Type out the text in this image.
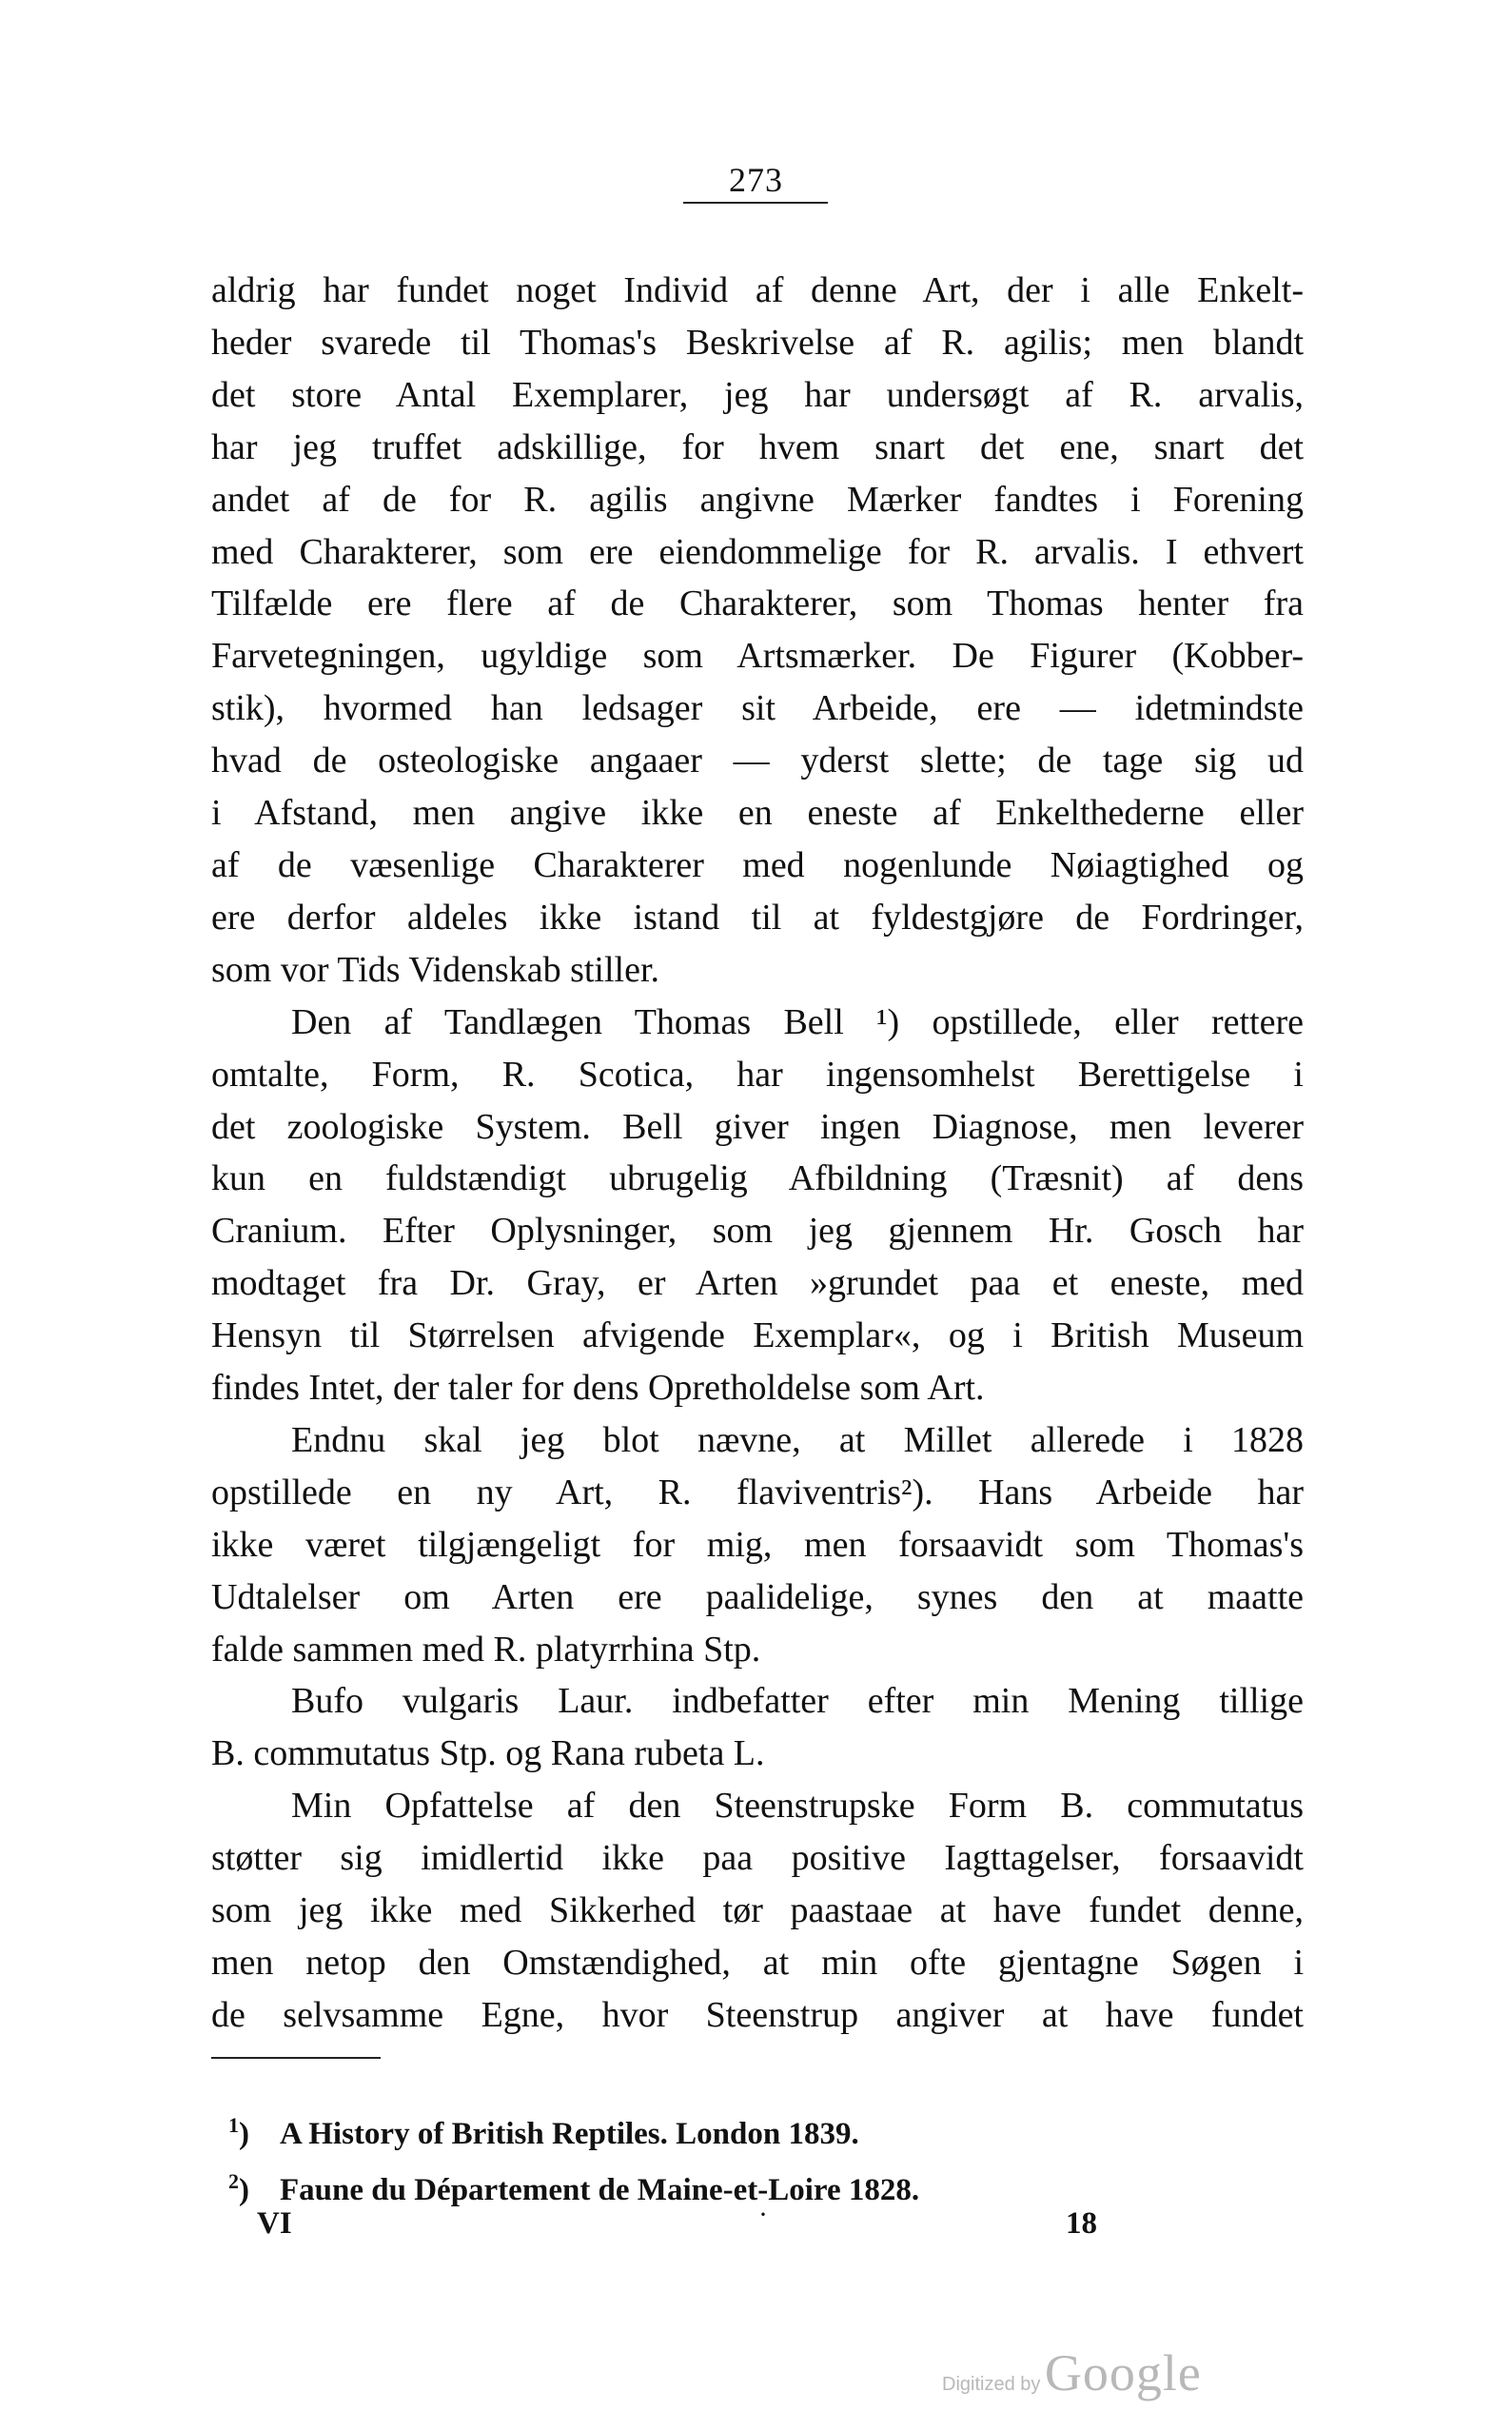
273
aldrig har fundet noget Individ af denne Art, der i alle Enkelt-
heder svarede til Thomas's Beskrivelse af R. agilis; men blandt
det store Antal Exemplarer, jeg har undersøgt af R. arvalis,
har jeg truffet adskillige, for hvem snart det ene, snart det
andet af de for R. agilis angivne Mærker fandtes i Forening
med Charakterer, som ere eiendommelige for R. arvalis. I ethvert
Tilfælde ere flere af de Charakterer, som Thomas henter fra
Farvetegningen, ugyldige som Artsmærker. De Figurer (Kobber-
stik), hvormed han ledsager sit Arbeide, ere — idetmindste
hvad de osteologiske angaaer — yderst slette; de tage sig ud
i Afstand, men angive ikke en eneste af Enkelthederne eller
af de væsenlige Charakterer med nogenlunde Nøiagtighed og
ere derfor aldeles ikke istand til at fyldestgjøre de Fordringer,
som vor Tids Videnskab stiller.
Den af Tandlægen Thomas Bell ¹) opstillede, eller rettere
omtalte, Form, R. Scotica, har ingensomhelst Berettigelse i
det zoologiske System. Bell giver ingen Diagnose, men leverer
kun en fuldstændigt ubrugelig Afbildning (Træsnit) af dens
Cranium. Efter Oplysninger, som jeg gjennem Hr. Gosch har
modtaget fra Dr. Gray, er Arten »grundet paa et eneste, med
Hensyn til Størrelsen afvigende Exemplar«, og i British Museum
findes Intet, der taler for dens Opretholdelse som Art.
Endnu skal jeg blot nævne, at Millet allerede i 1828
opstillede en ny Art, R. flaviventris²). Hans Arbeide har
ikke været tilgjængeligt for mig, men forsaavidt som Thomas's
Udtalelser om Arten ere paalidelige, synes den at maatte
falde sammen med R. platyrrhina Stp.
Bufo vulgaris Laur. indbefatter efter min Mening tillige
B. commutatus Stp. og Rana rubeta L.
Min Opfattelse af den Steenstrupske Form B. commutatus
støtter sig imidlertid ikke paa positive Iagttagelser, forsaavidt
som jeg ikke med Sikkerhed tør paastaae at have fundet denne,
men netop den Omstændighed, at min ofte gjentagne Søgen i
de selvsamme Egne, hvor Steenstrup angiver at have fundet
$^1$) A History of British Reptiles. London 1839.
$^2$) Faune du Département de Maine-et-Loire 1828.
VI	·	18
Digitized by Google
